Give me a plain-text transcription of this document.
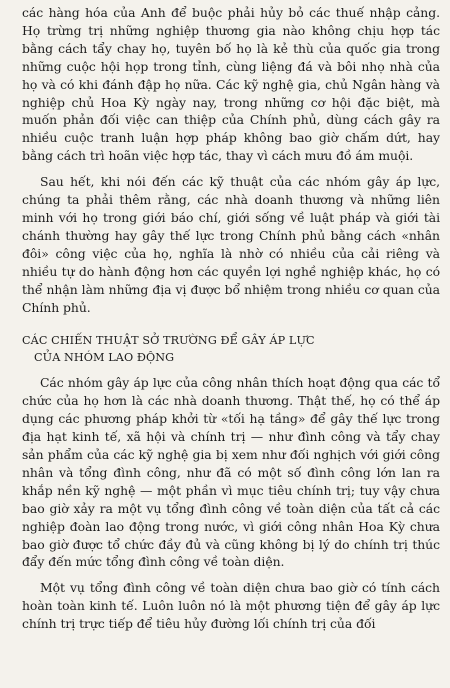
các hàng hóa của Anh để buộc phải hủy bỏ các thuế nhập cảng. Họ trừng trị những nghiệp thương gia nào không chịu hợp tác bằng cách tẩy chay họ, tuyên bố họ là kẻ thù của quốc gia trong những cuộc hội họp trong tỉnh, cùng liệng đá và bôi nhọ nhà của họ và có khi đánh đập họ nữa. Các kỹ nghệ gia, chủ Ngân hàng và nghiệp chủ Hoa Kỳ ngày nay, trong những cơ hội đặc biệt, mà muốn phản đối việc can thiệp của Chính phủ, dùng cách gây ra nhiều cuộc tranh luận hợp pháp không bao giờ chấm dứt, hay bằng cách trì hoãn việc hợp tác, thay vì cách mưu đồ ám muội.

Sau hết, khi nói đến các kỹ thuật của các nhóm gây áp lực, chúng ta phải thêm rằng, các nhà doanh thương và những liên minh với họ trong giới báo chí, giới sống về luật pháp và giới tài chánh thường hay gây thế lực trong Chính phủ bằng cách «nhân đôi» công việc của họ, nghĩa là nhờ có nhiều của cải riêng và nhiều tự do hành động hơn các quyền lợi nghề nghiệp khác, họ có thể nhận làm những địa vị được bổ nhiệm trong nhiều cơ quan của Chính phủ.

CÁC CHIẾN THUẬT SỞ TRƯỜNG ĐỂ GÂY ÁP LỰC
CỦA NHÓM LAO ĐỘNG

Các nhóm gây áp lực của công nhân thích hoạt động qua các tổ chức của họ hơn là các nhà doanh thương. Thật thế, họ có thể áp dụng các phương pháp khởi từ «tối hạ tầng» để gây thế lực trong địa hạt kinh tế, xã hội và chính trị — như đình công và tẩy chay sản phẩm của các kỹ nghệ gia bị xem như đối nghịch với giới công nhân và tổng đình công, như đã có một số đình công lớn lan ra khắp nền kỹ nghệ — một phần vì mục tiêu chính trị; tuy vậy chưa bao giờ xảy ra một vụ tổng đình công về toàn diện của tất cả các nghiệp đoàn lao động trong nước, vì giới công nhân Hoa Kỳ chưa bao giờ được tổ chức đầy đủ và cũng không bị lý do chính trị thúc đẩy đến mức tổng đình công về toàn diện.

Một vụ tổng đình công về toàn diện chưa bao giờ có tính cách hoàn toàn kinh tế. Luôn luôn nó là một phương tiện để gây áp lực chính trị trực tiếp để tiêu hủy đường lối chính trị của đối
